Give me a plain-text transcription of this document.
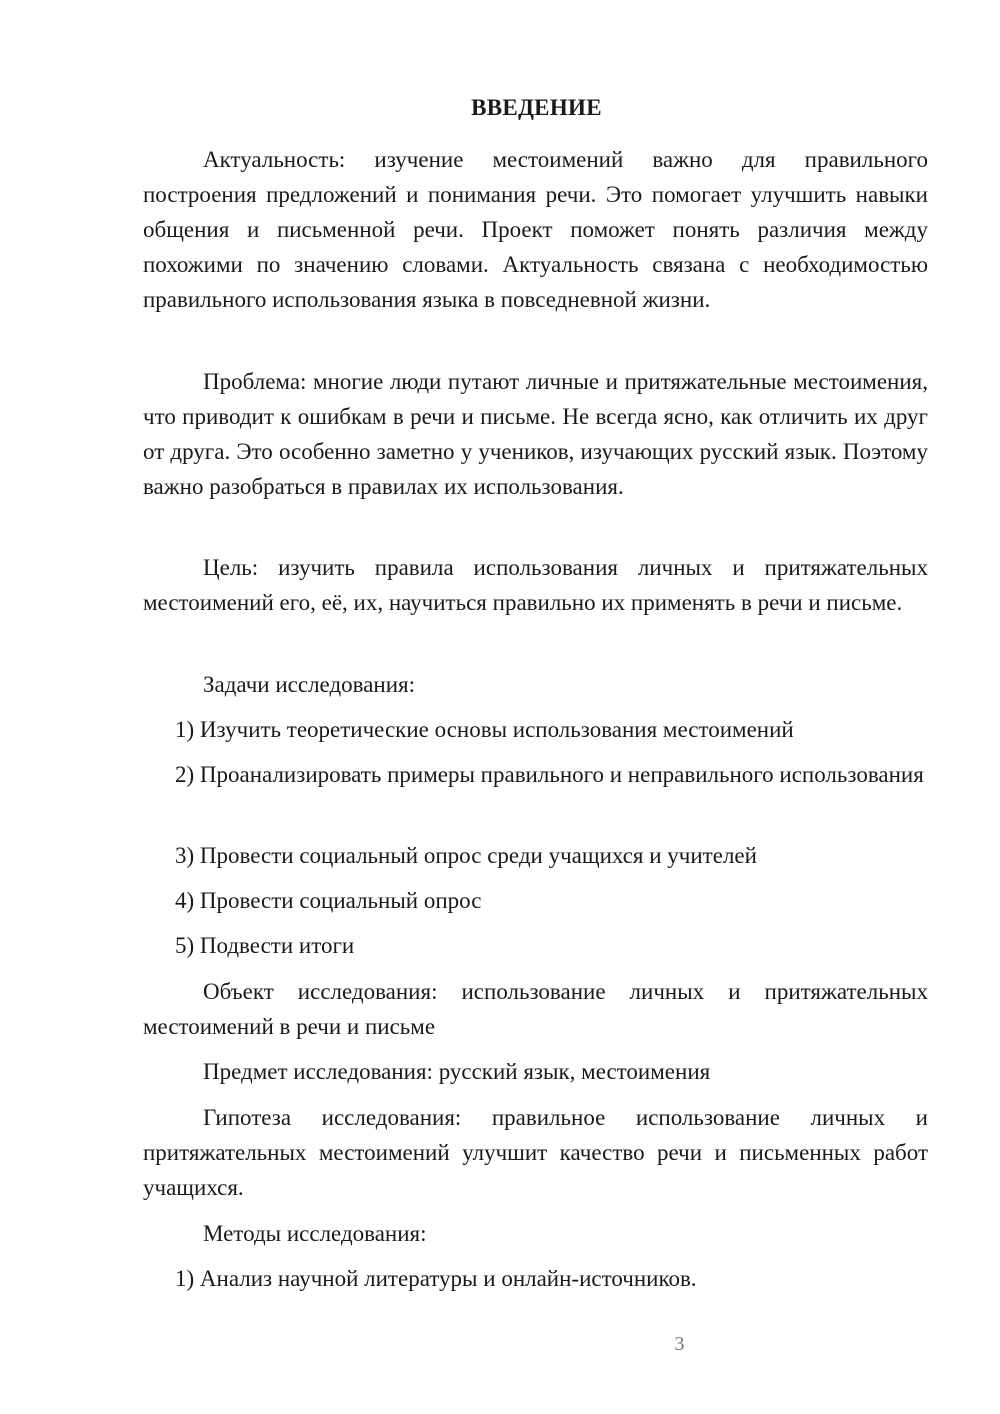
ВВЕДЕНИЕ

Актуальность: изучение местоимений важно для правильного построения предложений и понимания речи. Это помогает улучшить навыки общения и письменной речи. Проект поможет понять различия между похожими по значению словами. Актуальность связана с необходимостью правильного использования языка в повседневной жизни.

Проблема: многие люди путают личные и притяжательные местоимения, что приводит к ошибкам в речи и письме. Не всегда ясно, как отличить их друг от друга. Это особенно заметно у учеников, изучающих русский язык. Поэтому важно разобраться в правилах их использования.

Цель: изучить правила использования личных и притяжательных местоимений его, её, их, научиться правильно их применять в речи и письме.

Задачи исследования:

1) Изучить теоретические основы использования местоимений

2) Проанализировать примеры правильного и неправильного использования

3) Провести социальный опрос среди учащихся и учителей

4) Провести социальный опрос

5) Подвести итоги

Объект исследования: использование личных и притяжательных местоимений в речи и письме

Предмет исследования: русский язык, местоимения

Гипотеза исследования: правильное использование личных и притяжательных местоимений улучшит качество речи и письменных работ учащихся.

Методы исследования:

1) Анализ научной литературы и онлайн-источников.

3
